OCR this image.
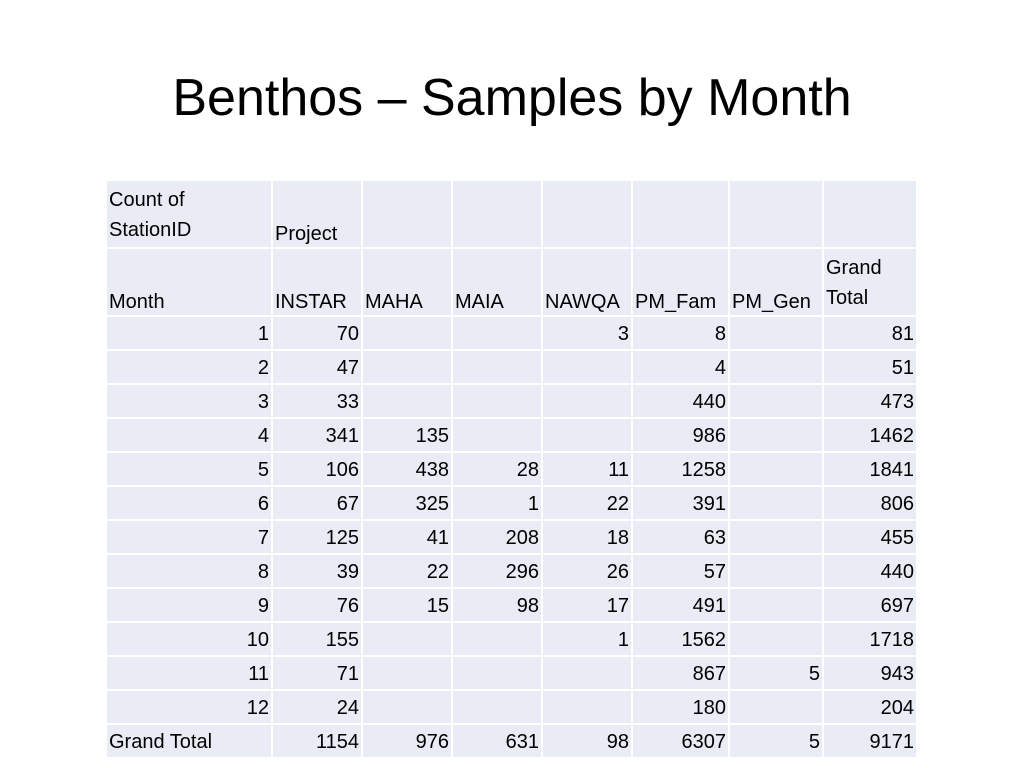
Benthos – Samples by Month
Count of StationID	Project						
Month	INSTAR	MAHA	MAIA	NAWQA	PM_Fam	PM_Gen	Grand Total
1	70			3	8		81
2	47				4		51
3	33				440		473
4	341	135			986		1462
5	106	438	28	11	1258		1841
6	67	325	1	22	391		806
7	125	41	208	18	63		455
8	39	22	296	26	57		440
9	76	15	98	17	491		697
10	155			1	1562		1718
11	71				867	5	943
12	24				180		204
Grand Total	1154	976	631	98	6307	5	9171
